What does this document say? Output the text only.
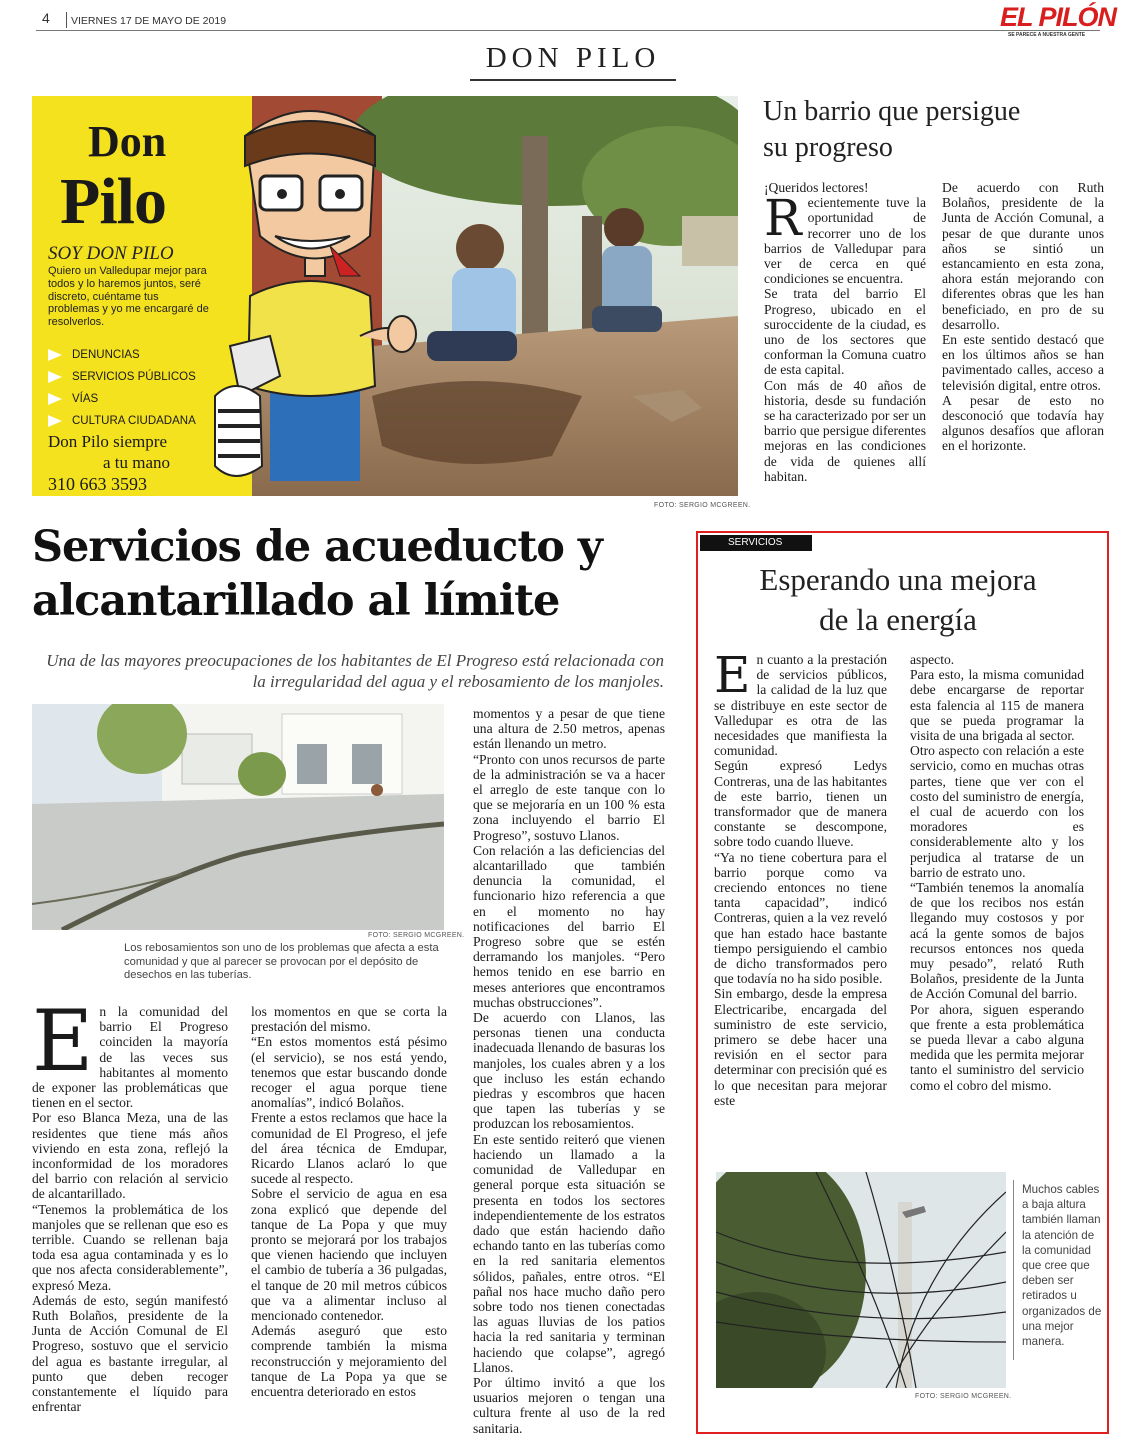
4 VIERNES 17 DE MAYO DE 2019	EL PILÓN
SE PARECE A NUESTRA GENTE
DON PILO
Don
Pilo
SOY DON PILO
Quiero un Valledupar mejor para todos y lo haremos juntos, seré discreto, cuéntame tus problemas y yo me encargaré de resolverlos.
DENUNCIAS
SERVICIOS PÚBLICOS
VÍAS
CULTURA CIUDADANA
Don Pilo siempre
a tu mano
310 663 3593
FOTO: SERGIO MCGREEN.
Un barrio que persigue
su progreso

¡Queridos lectores!

Recientemente tuve la oportunidad de recorrer uno de los barrios de Valledupar para ver de cerca en qué condiciones se encuentra.

Se trata del barrio El Progreso, ubicado en el suroccidente de la ciudad, es uno de los sectores que conforman la Comuna cuatro de esta capital.

Con más de 40 años de historia, desde su fundación se ha caracterizado por ser un barrio que persigue diferentes mejoras en las condiciones de vida de quienes allí habitan.

De acuerdo con Ruth Bolaños, presidente de la Junta de Acción Comunal, a pesar de que durante unos años se sintió un estancamiento en esta zona, ahora están mejorando con diferentes obras que les han beneficiado, en pro de su desarrollo.

En este sentido destacó que en los últimos años se han pavimentado calles, acceso a televisión digital, entre otros.

A pesar de esto no desconoció que todavía hay algunos desafíos que afloran en el horizonte.

Servicios de acueducto y
alcantarillado al límite
Una de las mayores preocupaciones de los habitantes de El Progreso está relacionada con la irregularidad del agua y el rebosamiento de los manjoles.
FOTO: SERGIO MCGREEN.
Los rebosamientos son uno de los problemas que afecta a esta comunidad y que al parecer se provocan por el depósito de desechos en las tuberías.

En la comunidad del barrio El Progreso coinciden la mayoría de las veces sus habitantes al momento de exponer las problemáticas que tienen en el sector.

Por eso Blanca Meza, una de las residentes que tiene más años viviendo en esta zona, reflejó la inconformidad de los moradores del barrio con relación al servicio de alcantarillado.

“Tenemos la problemática de los manjoles que se rellenan que eso es terrible. Cuando se rellenan baja toda esa agua contaminada y es lo que nos afecta considerablemente”, expresó Meza.

Además de esto, según manifestó Ruth Bolaños, presidente de la Junta de Acción Comunal de El Progreso, sostuvo que el servicio del agua es bastante irregular, al punto que deben recoger constantemente el líquido para enfrentar

los momentos en que se corta la prestación del mismo.

“En estos momentos está pésimo (el servicio), se nos está yendo, tenemos que estar buscando donde recoger el agua porque tiene anomalías”, indicó Bolaños.

Frente a estos reclamos que hace la comunidad de El Progreso, el jefe del área técnica de Emdupar, Ricardo Llanos aclaró lo que sucede al respecto.

Sobre el servicio de agua en esa zona explicó que depende del tanque de La Popa y que muy pronto se mejorará por los trabajos que vienen haciendo que incluyen el cambio de tubería a 36 pulgadas, el tanque de 20 mil metros cúbicos que va a alimentar incluso al mencionado contenedor.

Además aseguró que esto comprende también la misma reconstrucción y mejoramiento del tanque de La Popa ya que se encuentra deteriorado en estos

momentos y a pesar de que tiene una altura de 2.50 metros, apenas están llenando un metro.

“Pronto con unos recursos de parte de la administración se va a hacer el arreglo de este tanque con lo que se mejoraría en un 100 % esta zona incluyendo el barrio El Progreso”, sostuvo Llanos.

Con relación a las deficiencias del alcantarillado que también denuncia la comunidad, el funcionario hizo referencia a que en el momento no hay notificaciones del barrio El Progreso sobre que se estén derramando los manjoles. “Pero hemos tenido en ese barrio en meses anteriores que encontramos muchas obstrucciones”.

De acuerdo con Llanos, las personas tienen una conducta inadecuada llenando de basuras los manjoles, los cuales abren y a los que incluso les están echando piedras y escombros que hacen que tapen las tuberías y se produzcan los rebosamientos.

En este sentido reiteró que vienen haciendo un llamado a la comunidad de Valledupar en general porque esta situación se presenta en todos los sectores independientemente de los estratos dado que están haciendo daño echando tanto en las tuberías como en la red sanitaria elementos sólidos, pañales, entre otros. “El pañal nos hace mucho daño pero sobre todo nos tienen conectadas las aguas lluvias de los patios hacia la red sanitaria y terminan haciendo que colapse”, agregó Llanos.

Por último invitó a que los usuarios mejoren o tengan una cultura frente al uso de la red sanitaria.

SERVICIOS
Esperando una mejora
de la energía

En cuanto a la prestación de servicios públicos, la calidad de la luz que se distribuye en este sector de Valledupar es otra de las necesidades que manifiesta la comunidad.

Según expresó Ledys Contreras, una de las habitantes de este barrio, tienen un transformador que de manera constante se descompone, sobre todo cuando llueve.

“Ya no tiene cobertura para el barrio porque como va creciendo entonces no tiene tanta capacidad”, indicó Contreras, quien a la vez reveló que han estado hace bastante tiempo persiguiendo el cambio de dicho transformados pero que todavía no ha sido posible.

Sin embargo, desde la empresa Electricaribe, encargada del suministro de este servicio, primero se debe hacer una revisión en el sector para determinar con precisión qué es lo que necesitan para mejorar este

aspecto.

Para esto, la misma comunidad debe encargarse de reportar esta falencia al 115 de manera que se pueda programar la visita de una brigada al sector.

Otro aspecto con relación a este servicio, como en muchas otras partes, tiene que ver con el costo del suministro de energía, el cual de acuerdo con los moradores es considerablemente alto y los perjudica al tratarse de un barrio de estrato uno.

“También tenemos la anomalía de que los recibos nos están llegando muy costosos y por acá la gente somos de bajos recursos entonces nos queda muy pesado”, relató Ruth Bolaños, presidente de la Junta de Acción Comunal del barrio.

Por ahora, siguen esperando que frente a esta problemática se pueda llevar a cabo alguna medida que les permita mejorar tanto el suministro del servicio como el cobro del mismo.

Muchos cables a baja altura también llaman la atención de la comunidad que cree que deben ser retirados u organizados de una mejor manera.
FOTO: SERGIO MCGREEN.
